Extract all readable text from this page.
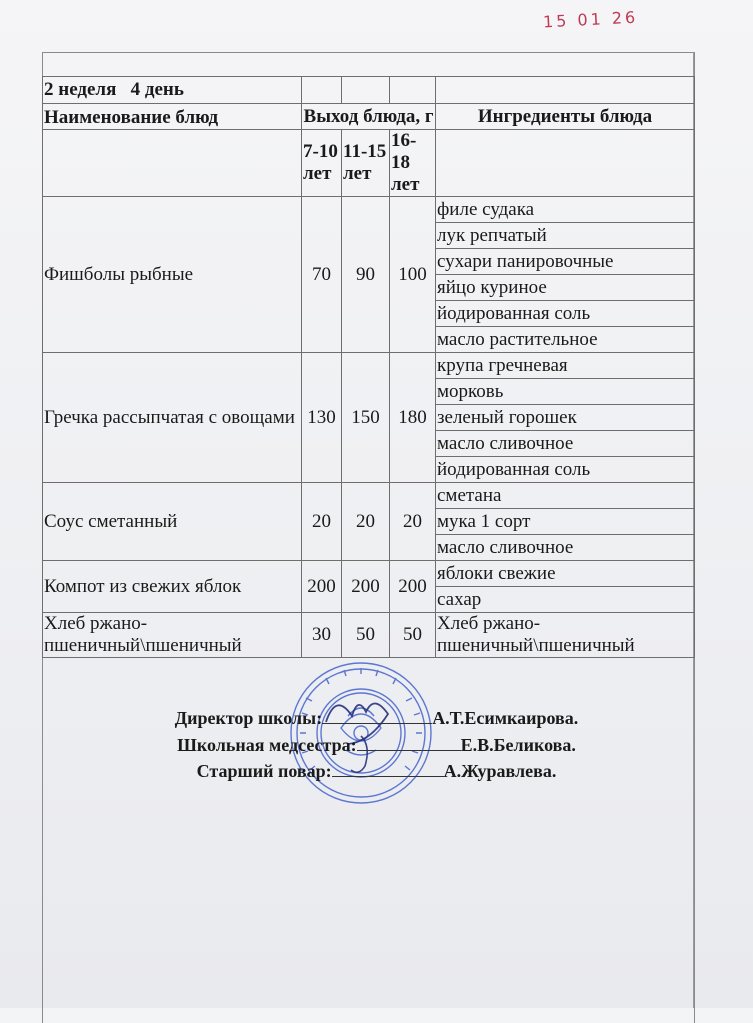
15 01 26
2 неделя   4 день				
Наименование блюд	Выход блюда, г			Ингредиенты блюда
	7-10 лет	11-15 лет	16-18 лет	
Фишболы рыбные	70	90	100	филе судака
				лук репчатый
				сухари панировочные
				яйцо куриное
				йодированная соль
				масло растительное
Гречка рассыпчатая с овощами	130	150	180	крупа гречневая
				морковь
				зеленый горошек
				масло сливочное
				йодированная соль
Соус сметанный	20	20	20	сметана
				мука 1 сорт
				масло сливочное
Компот из свежих яблок	200	200	200	яблоки свежие
				сахар
Хлеб ржано-пшеничный\пшеничный	30	50	50	Хлеб ржано-пшеничный\пшеничный
Директор школы:	А.Т.Есимкаирова.
Школьная медсестра:	Е.В.Беликова.
Старший повар:	А.Журавлева.
